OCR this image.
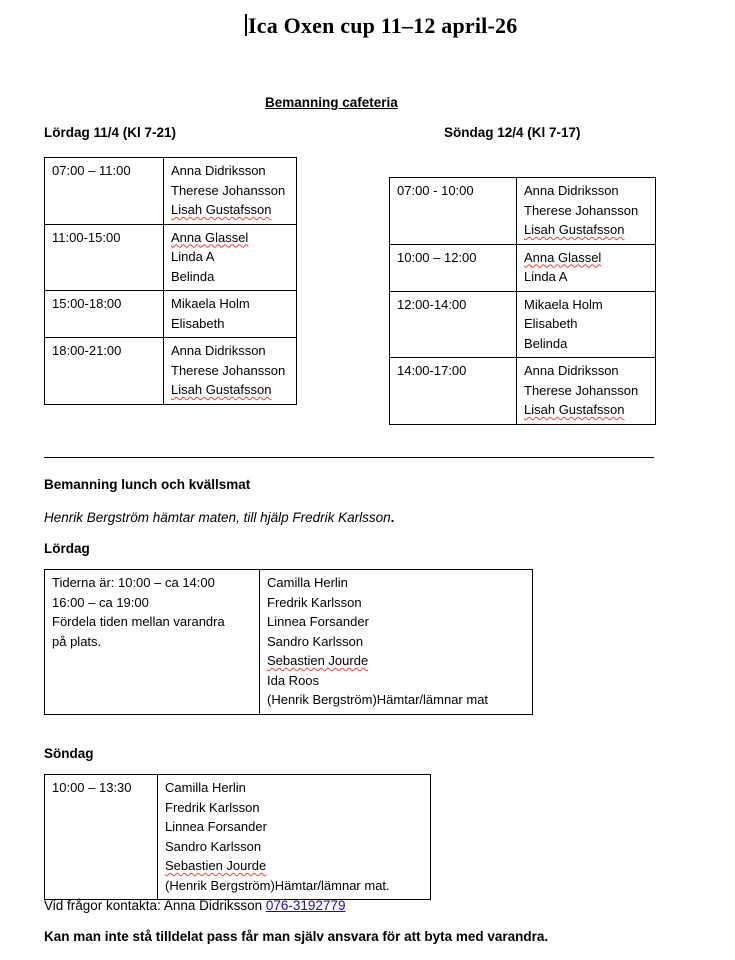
Ica Oxen cup 11–12 april-26
Bemanning cafeteria
Lördag 11/4 (Kl 7-21)	Söndag 12/4 (Kl 7-17)
07:00 – 11:00	Anna Didriksson
Therese Johansson
Lisah Gustafsson

11:00-15:00	Anna Glassel
Linda A
Belinda

15:00-18:00	Mikaela Holm
Elisabeth

18:00-21:00	Anna Didriksson
Therese Johansson
Lisah Gustafsson
07:00 - 10:00	Anna Didriksson
Therese Johansson
Lisah Gustafsson

10:00 – 12:00	Anna Glassel
Linda A

12:00-14:00	Mikaela Holm
Elisabeth
Belinda

14:00-17:00	Anna Didriksson
Therese Johansson
Lisah Gustafsson
Bemanning lunch och kvällsmat
Henrik Bergström hämtar maten, till hjälp Fredrik Karlsson.
Lördag
Tiderna är: 10:00 – ca 14:00
16:00 – ca 19:00
Fördela tiden mellan varandra
på plats.

Camilla Herlin
Fredrik Karlsson
Linnea Forsander
Sandro Karlsson
Sebastien Jourde
Ida Roos
(Henrik Bergström)Hämtar/lämnar mat
Söndag
10:00 – 13:30	Camilla Herlin
Fredrik Karlsson
Linnea Forsander
Sandro Karlsson
Sebastien Jourde
(Henrik Bergström)Hämtar/lämnar mat.
Vid frågor kontakta: Anna Didriksson 076-3192779
Kan man inte stå tilldelat pass får man själv ansvara för att byta med varandra.
